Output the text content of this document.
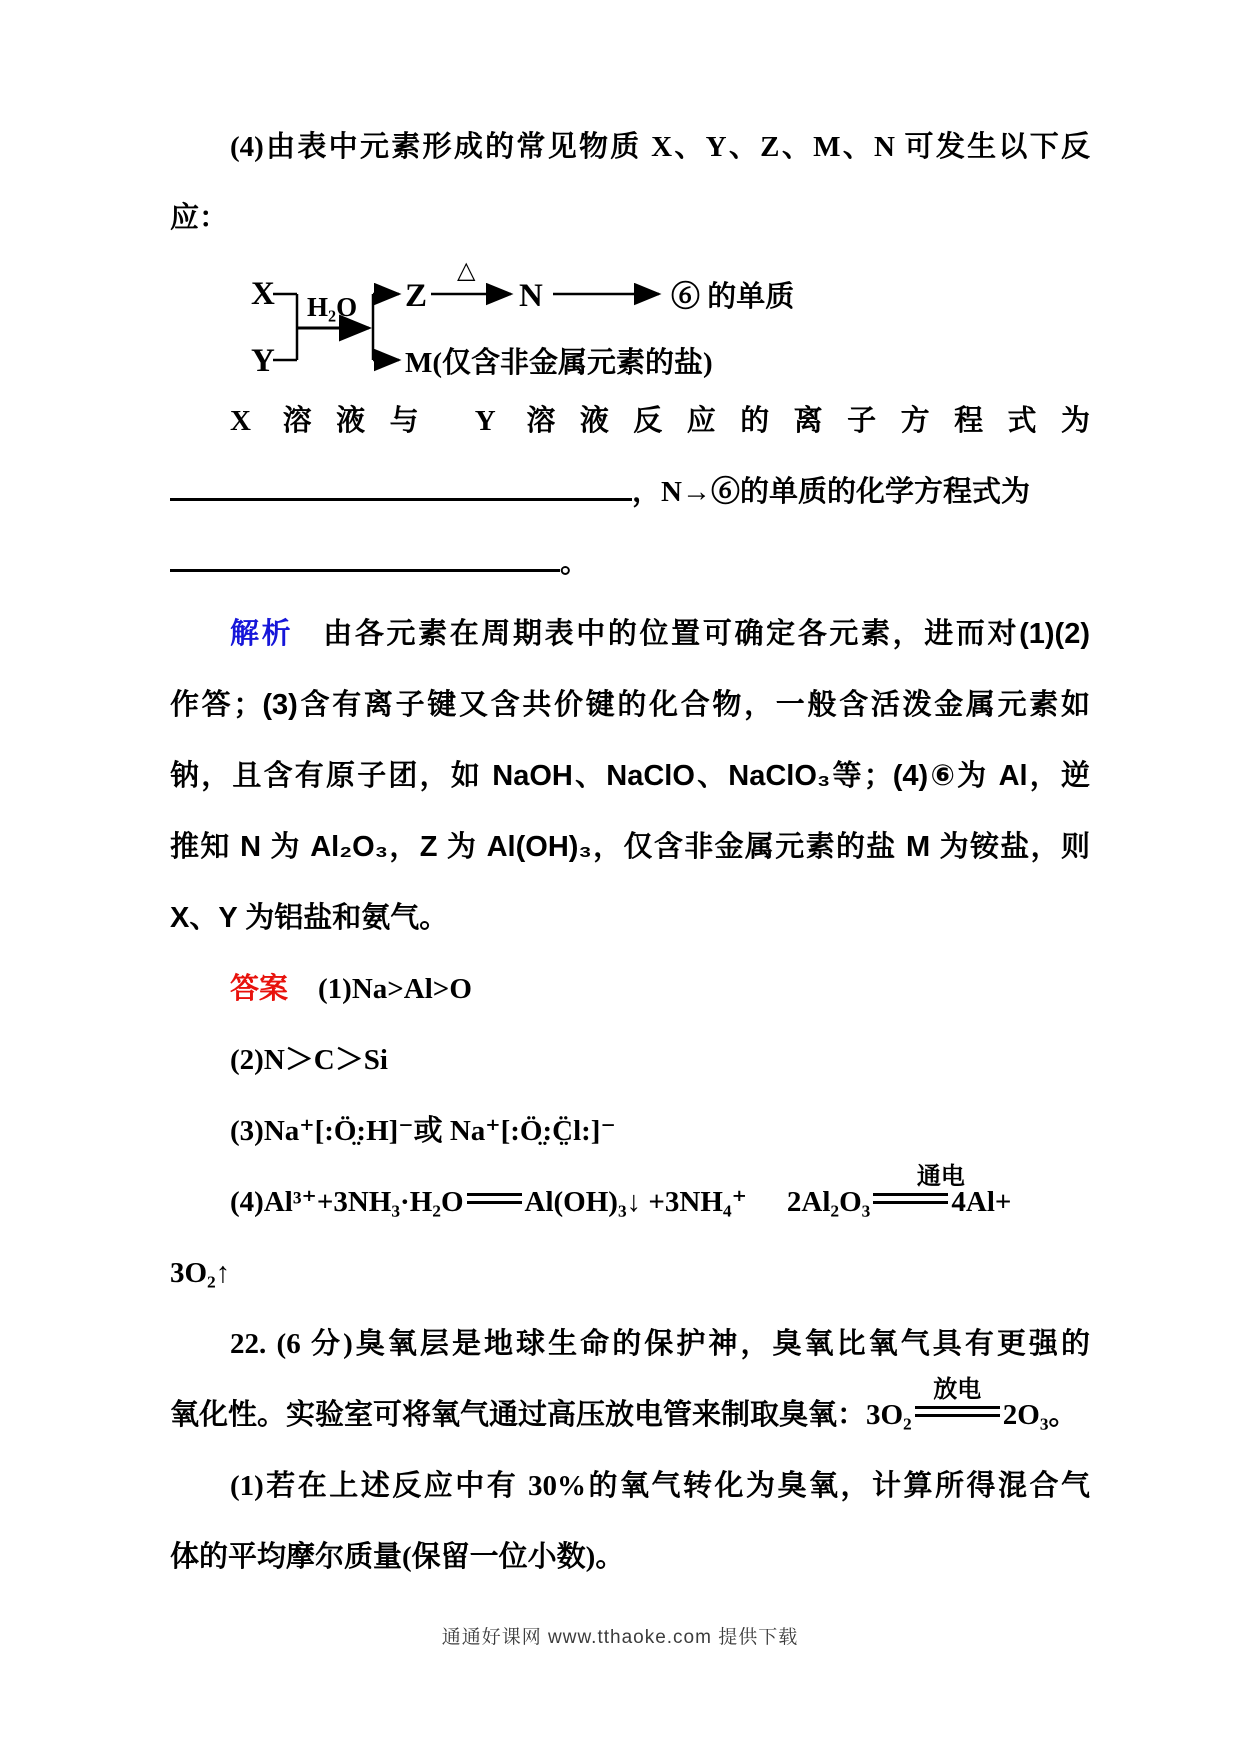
(4)由表中元素形成的常见物质 X、Y、Z、M、N 可发生以下反
应：
X
Y
H₂O Z
△
N	⑥ 的单质
M(仅含非金属元素的盐)
X 溶液与 Y 溶液反应的离子方程式为
，N→⑥的单质的化学方程式为
。
解析 由各元素在周期表中的位置可确定各元素，进而对(1)(2)
作答；(3)含有离子键又含共价键的化合物，一般含活泼金属元素如
钠，且含有原子团，如 NaOH、NaClO、NaClO₃等；(4)⑥为 Al，逆
推知 N 为 Al₂O₃，Z 为 Al(OH)₃，仅含非金属元素的盐 M 为铵盐，则
X、Y 为铝盐和氨气。
答案 (1)Na>Al>O
(2)N＞C＞Si
(3)Na⁺[:Ö̤:H]⁻或 Na⁺[:Ö̤:C̤̈l:]⁻
(4)Al³⁺+3NH₃·H₂O Al(OH)₃↓ +3NH₄⁺ 2Al₂O₃
通电
4Al+
3O₂↑
22. (6 分)臭氧层是地球生命的保护神，臭氧比氧气具有更强的
氧化性。实验室可将氧气通过高压放电管来制取臭氧：3O₂
放电
2O₃。
(1)若在上述反应中有 30%的氧气转化为臭氧，计算所得混合气
体的平均摩尔质量(保留一位小数)。
通通好课网 www.tthaoke.com 提供下载
